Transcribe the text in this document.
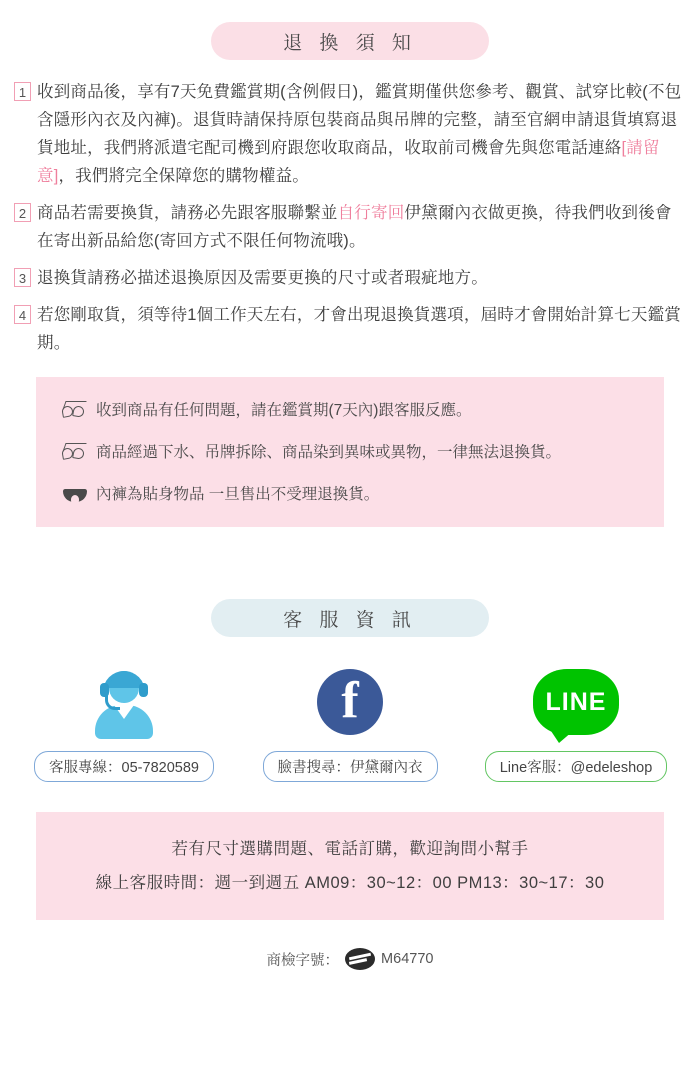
退 換 須 知
1 收到商品後，享有7天免費鑑賞期(含例假日)，鑑賞期僅供您參考、觀賞、試穿比較(不包含隱形內衣及內褲)。退貨時請保持原包裝商品與吊牌的完整，請至官網申請退貨填寫退貨地址，我們將派遣宅配司機到府跟您收取商品，收取前司機會先與您電話連絡[請留意]，我們將完全保障您的購物權益。
2 商品若需要換貨，請務必先跟客服聯繫並自行寄回伊黛爾內衣做更換，待我們收到後會在寄出新品給您(寄回方式不限任何物流哦)。
3 退換貨請務必描述退換原因及需要更換的尺寸或者瑕疵地方。
4 若您剛取貨，須等待1個工作天左右，才會出現退換貨選項，屆時才會開始計算七天鑑賞期。
收到商品有任何問題，請在鑑賞期(7天內)跟客服反應。
商品經過下水、吊牌拆除、商品染到異味或異物，一律無法退換貨。
內褲為貼身物品 一旦售出不受理退換貨。
客 服 資 訊
客服專線：05-7820589
f	臉書搜尋：伊黛爾內衣
LINE
Line客服：@edeleshop
若有尺寸選購問題、電話訂購，歡迎詢問小幫手
線上客服時間：週一到週五 AM09：30~12：00 PM13：30~17：30
商檢字號：	M64770
